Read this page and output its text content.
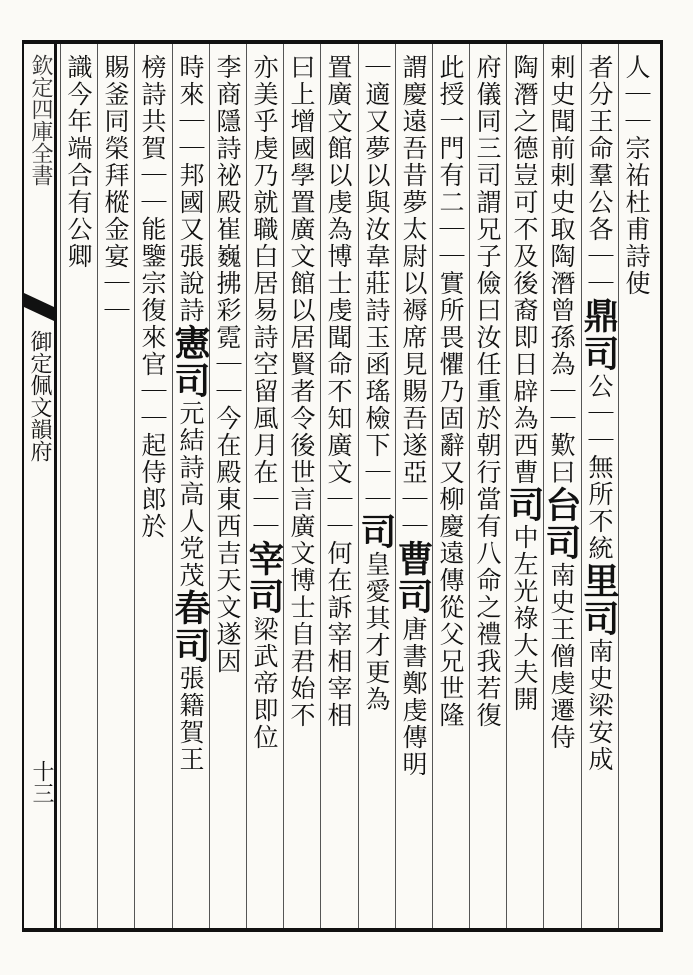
欽定四庫全書
御定佩文韻府
十三
人｜｜宗祐杜甫詩使
者分王命羣公各｜｜鼎司公｜｜無所不統里司南史梁安成
剌史聞前剌史取陶潛曾孫為｜｜歎曰台司南史王僧虔遷侍
陶潛之德豈可不及後裔即日辟為西曹司中左光祿大夫開
府儀同三司謂兄子儉曰汝任重於朝行當有八命之禮我若復
此授一門有二｜｜實所畏懼乃固辭又柳慶遠傳從父兄世隆
謂慶遠吾昔夢太尉以褥席見賜吾遂亞｜｜曹司唐書鄭虔傳明
｜適又夢以與汝韋莊詩玉函瑤檢下｜｜司皇愛其才更為
置廣文館以虔為博士虔聞命不知廣文｜｜何在訴宰相宰相
曰上增國學置廣文館以居賢者令後世言廣文博士自君始不
亦美乎虔乃就職白居易詩空留風月在｜｜宰司梁武帝即位
李商隱詩祕殿崔巍拂彩霓｜｜今在殿東西吉天文遂因
時來｜｜邦國又張說詩憲司元結詩高人党茂春司張籍賀王
榜詩共賀｜｜能鑒宗復來官｜｜起侍郎於
賜釜同榮拜樅金宴｜｜
識今年端合有公卿
